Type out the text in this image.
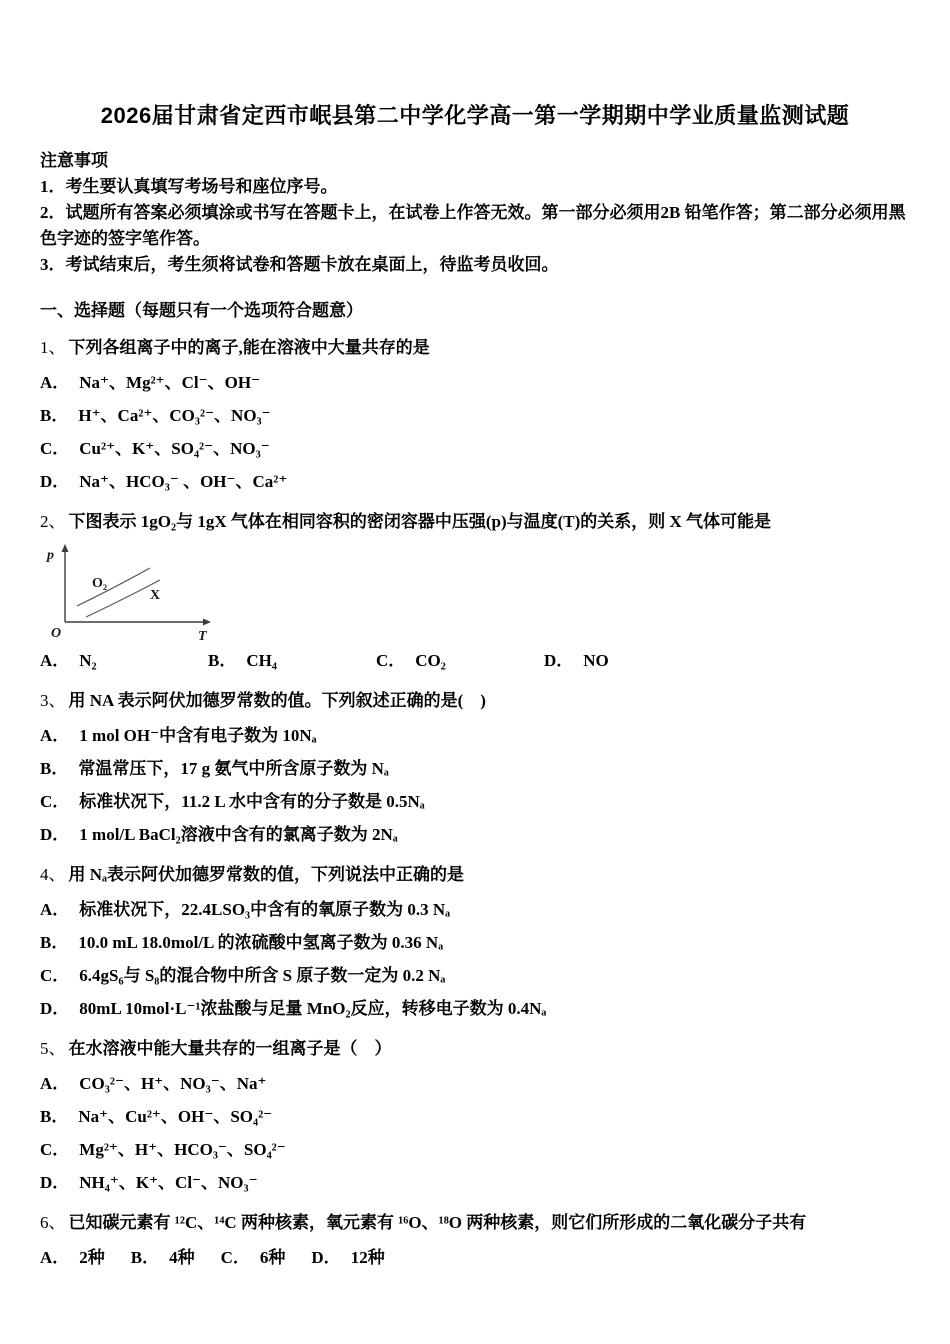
2026届甘肃省定西市岷县第二中学化学高一第一学期期中学业质量监测试题
注意事项
1．考生要认真填写考场号和座位序号。
2．试题所有答案必须填涂或书写在答题卡上，在试卷上作答无效。第一部分必须用2B 铅笔作答；第二部分必须用黑色字迹的签字笔作答。
3．考试结束后，考生须将试卷和答题卡放在桌面上，待监考员收回。
一、选择题（每题只有一个选项符合题意）
1、 下列各组离子中的离子,能在溶液中大量共存的是
A． Na⁺、Mg²⁺、Cl⁻、OH⁻
B． H⁺、Ca²⁺、CO₃²⁻、NO₃⁻
C． Cu²⁺、K⁺、SO₄²⁻、NO₃⁻
D． Na⁺、HCO₃⁻ 、OH⁻、Ca²⁺
2、 下图表示 1gO₂与 1gX 气体在相同容积的密闭容器中压强(p)与温度(T)的关系，则 X 气体可能是
p
O	T
O₂
X
A． N₂	B． CH₄	C． CO₂	D． NO
3、 用 NA 表示阿伏加德罗常数的值。下列叙述正确的是(　)
A． 1 mol OH⁻中含有电子数为 10Nₐ
B． 常温常压下，17 g 氨气中所含原子数为 Nₐ
C． 标准状况下，11.2 L 水中含有的分子数是 0.5Nₐ
D． 1 mol/L BaCl₂溶液中含有的氯离子数为 2Nₐ
4、 用 Nₐ表示阿伏加德罗常数的值，下列说法中正确的是
A． 标准状况下，22.4LSO₃中含有的氧原子数为 0.3 Nₐ
B． 10.0 mL 18.0mol/L 的浓硫酸中氢离子数为 0.36 Nₐ
C． 6.4gS₆与 S₈的混合物中所含 S 原子数一定为 0.2 Nₐ
D． 80mL 10mol·L⁻¹浓盐酸与足量 MnO₂反应，转移电子数为 0.4Nₐ
5、 在水溶液中能大量共存的一组离子是（　）
A． CO₃²⁻、H⁺、NO₃⁻、Na⁺
B． Na⁺、Cu²⁺、OH⁻、SO₄²⁻
C． Mg²⁺、H⁺、HCO₃⁻、SO₄²⁻
D． NH₄⁺、K⁺、Cl⁻、NO₃⁻
6、 已知碳元素有 ¹²C、¹⁴C 两种核素，氧元素有 ¹⁶O、¹⁸O 两种核素，则它们所形成的二氧化碳分子共有
A． 2种 B． 4种 C． 6种 D． 12种
